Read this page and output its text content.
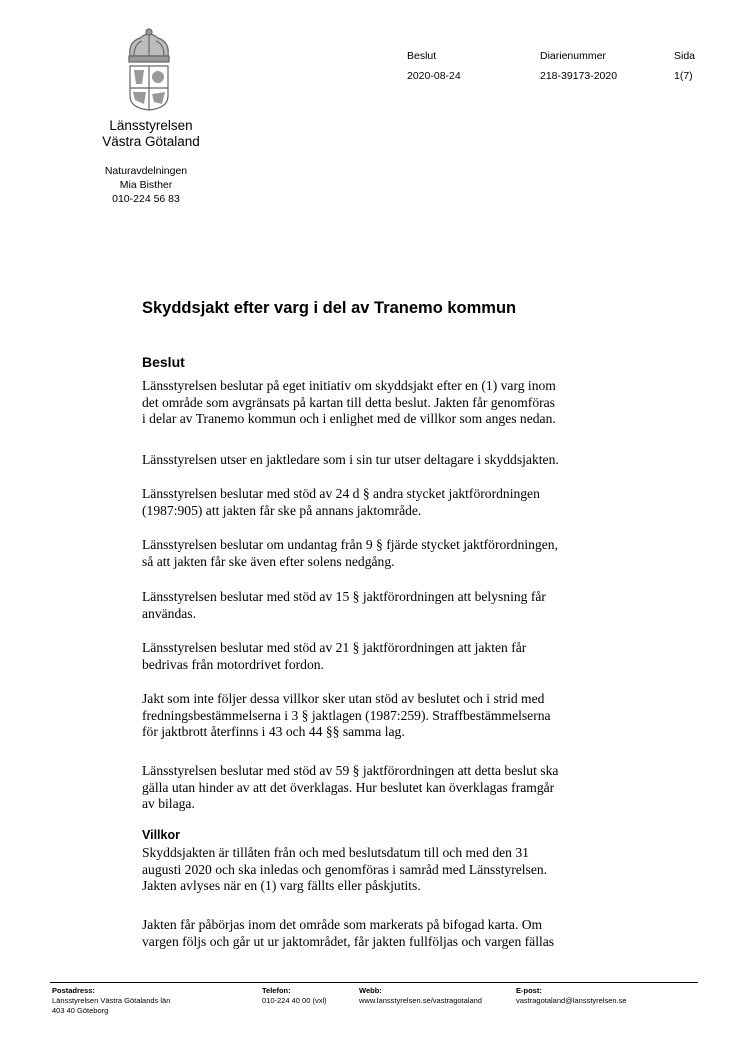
Länsstyrelsen
Västra Götaland
Naturavdelningen
Mia Bisther
010-224 56 83
Beslut
2020-08-24
Diarienummer
218-39173-2020
Sida
1(7)
Skyddsjakt efter varg i del av Tranemo kommun
Beslut
Länsstyrelsen beslutar på eget initiativ om skyddsjakt efter en (1) varg inom
det område som avgränsats på kartan till detta beslut. Jakten får genomföras
i delar av Tranemo kommun och i enlighet med de villkor som anges nedan.
Länsstyrelsen utser en jaktledare som i sin tur utser deltagare i skyddsjakten.
Länsstyrelsen beslutar med stöd av 24 d § andra stycket jaktförordningen
(1987:905) att jakten får ske på annans jaktområde.
Länsstyrelsen beslutar om undantag från 9 § fjärde stycket jaktförordningen,
så att jakten får ske även efter solens nedgång.
Länsstyrelsen beslutar med stöd av 15 § jaktförordningen att belysning får
användas.
Länsstyrelsen beslutar med stöd av 21 § jaktförordningen att jakten får
bedrivas från motordrivet fordon.
Jakt som inte följer dessa villkor sker utan stöd av beslutet och i strid med
fredningsbestämmelserna i 3 § jaktlagen (1987:259). Straffbestämmelserna
för jaktbrott återfinns i 43 och 44 §§ samma lag.
Länsstyrelsen beslutar med stöd av 59 § jaktförordningen att detta beslut ska
gälla utan hinder av att det överklagas. Hur beslutet kan överklagas framgår
av bilaga.
Villkor
Skyddsjakten är tillåten från och med beslutsdatum till och med den 31
augusti 2020 och ska inledas och genomföras i samråd med Länsstyrelsen.
Jakten avlyses när en (1) varg fällts eller påskjutits.
Jakten får påbörjas inom det område som markerats på bifogad karta. Om
vargen följs och går ut ur jaktområdet, får jakten fullföljas och vargen fällas
Postadress:
Länsstyrelsen Västra Götalands län
403 40 Göteborg
Telefon:
010-224 40 00 (vxl)
Webb:
www.lansstyrelsen.se/vastragotaland
E-post:
vastragotaland@lansstyrelsen.se
